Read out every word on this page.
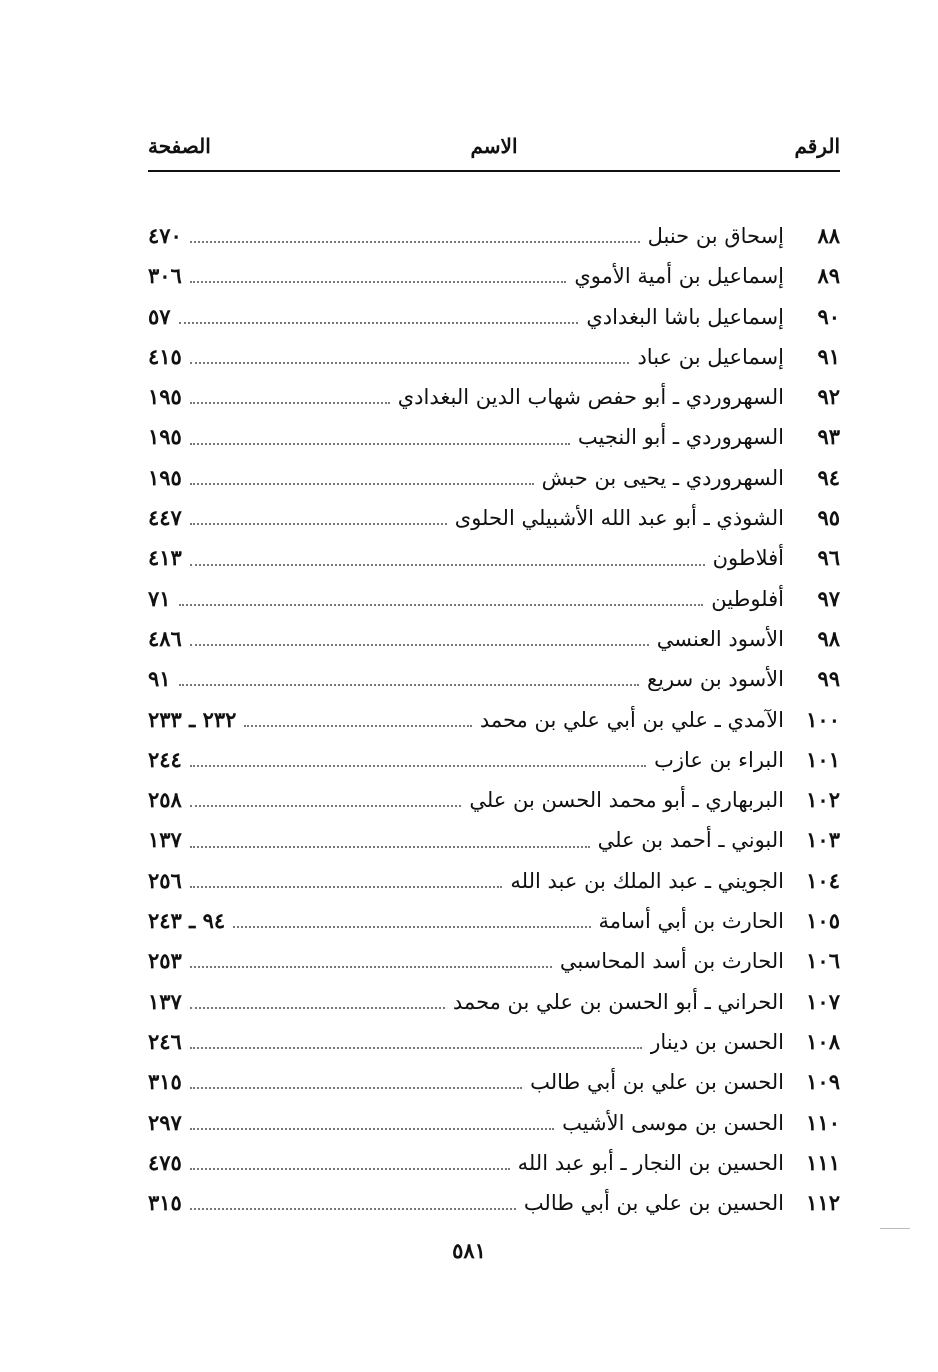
الرقم
الاسم
الصفحة
٨٨
إسحاق بن حنبل
٤٧٠
٨٩
إسماعيل بن أمية الأموي
٣٠٦
٩٠
إسماعيل باشا البغدادي
٥٧
٩١
إسماعيل بن عباد
٤١٥
٩٢
السهروردي ـ أبو حفص شهاب الدين البغدادي
١٩٥
٩٣
السهروردي ـ أبو النجيب
١٩٥
٩٤
السهروردي ـ يحيى بن حبش
١٩٥
٩٥
الشوذي ـ أبو عبد الله الأشبيلي الحلوى
٤٤٧
٩٦
أفلاطون
٤١٣
٩٧
أفلوطين
٧١
٩٨
الأسود العنسي
٤٨٦
٩٩
الأسود بن سريع
٩١
١٠٠
الآمدي ـ علي بن أبي علي بن محمد
٢٣٢ ـ ٢٣٣
١٠١
البراء بن عازب
٢٤٤
١٠٢
البربهاري ـ أبو محمد الحسن بن علي
٢٥٨
١٠٣
البوني ـ أحمد بن علي
١٣٧
١٠٤
الجويني ـ عبد الملك بن عبد الله
٢٥٦
١٠٥
الحارث بن أبي أسامة
٩٤ ـ ٢٤٣
١٠٦
الحارث بن أسد المحاسبي
٢٥٣
١٠٧
الحراني ـ أبو الحسن بن علي بن محمد
١٣٧
١٠٨
الحسن بن دينار
٢٤٦
١٠٩
الحسن بن علي بن أبي طالب
٣١٥
١١٠
الحسن بن موسى الأشيب
٢٩٧
١١١
الحسين بن النجار ـ أبو عبد الله
٤٧٥
١١٢
الحسين بن علي بن أبي طالب
٣١٥
٥٨١
